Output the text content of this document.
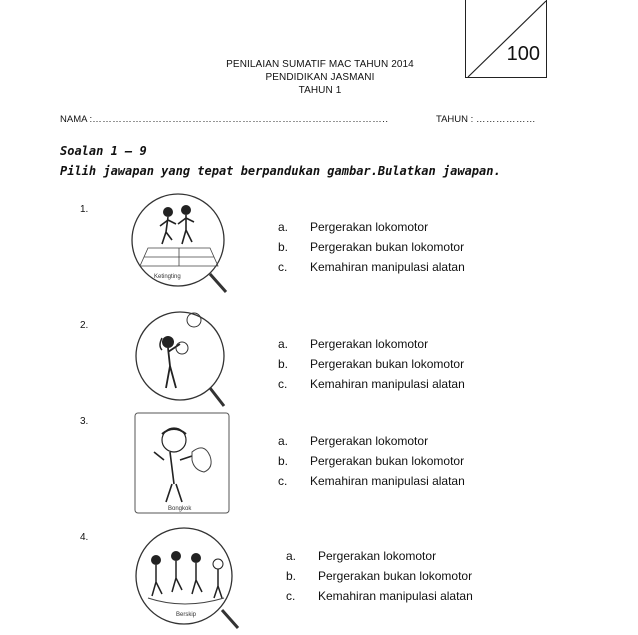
100
PENILAIAN SUMATIF MAC TAHUN 2014
PENDIDIKAN JASMANI
TAHUN 1
NAMA :……………………………………………………………………………..	TAHUN : ………………
Soalan 1 – 9
Pilih jawapan yang tepat berpandukan gambar.Bulatkan jawapan.
1.
Ketingting
a. Pergerakan lokomotor
b. Pergerakan bukan lokomotor
c. Kemahiran manipulasi alatan
2.
a. Pergerakan lokomotor
b. Pergerakan bukan lokomotor
c. Kemahiran manipulasi alatan
3.
Bongkok
a. Pergerakan lokomotor
b. Pergerakan bukan lokomotor
c. Kemahiran manipulasi alatan
4.
Berskip
a. Pergerakan lokomotor
b. Pergerakan bukan lokomotor
c. Kemahiran manipulasi alatan
